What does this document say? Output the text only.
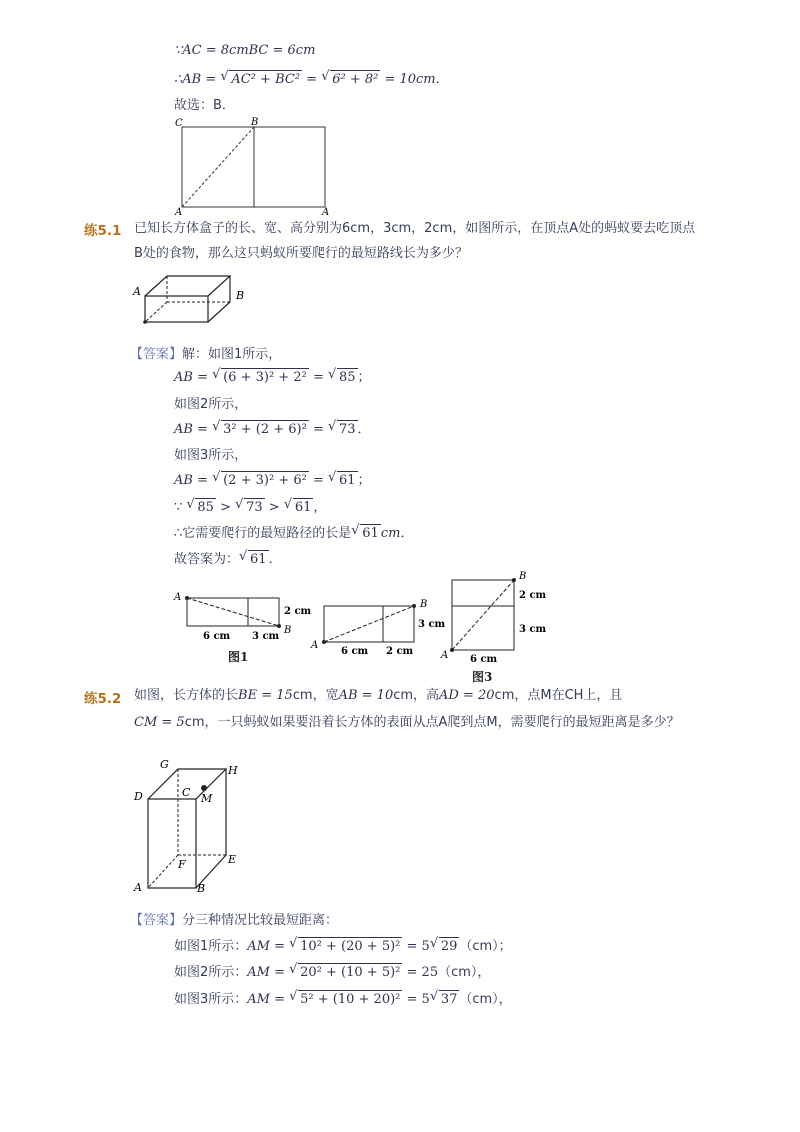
∵AC = 8cmBC = 6cm
∴AB = √ AC² + BC² = √ 6² + 8² = 10cm.
故选：B．
C	B
A	A
练5.1 已知长方体盒子的长、宽、高分别为6cm，3cm，2cm，如图所示，在顶点A处的蚂蚁要去吃顶点
B处的食物，那么这只蚂蚁所要爬行的最短路线长为多少？
A	B
【答案】解：如图1所示，
AB = √ (6 + 3)² + 2² = √ 85 ；
如图2所示，
AB = √ 3² + (2 + 6)² = √ 73 ．
如图3所示，
AB = √ (2 + 3)² + 6² = √ 61 ；
∵ √ 85 > √ 73 > √ 61 ，
∴它需要爬行的最短路径的长是 √ 61 cm．
故答案为： √ 61 ．
A
B
2 cm
6 cm 3 cm
图1
A
B
3 cm
6 cm 2 cm	A
B
2 cm
3 cm
6 cm
图3
练5.2 如图，长方体的长BE = 15cm，宽AB = 10cm，高AD = 20cm，点M在CH上，且
CM = 5cm，一只蚂蚁如果要沿着长方体的表面从点A爬到点M，需要爬行的最短距离是多少？
G	H
D	C M
F	E
A	B
【答案】分三种情况比较最短距离：
如图1所示：AM = √ 10² + (20 + 5)² = 5 √ 29 （cm）；
如图2所示：AM = √ 20² + (10 + 5)² = 25（cm），
如图3所示：AM = √ 5² + (10 + 20)² = 5 √ 37 （cm），
